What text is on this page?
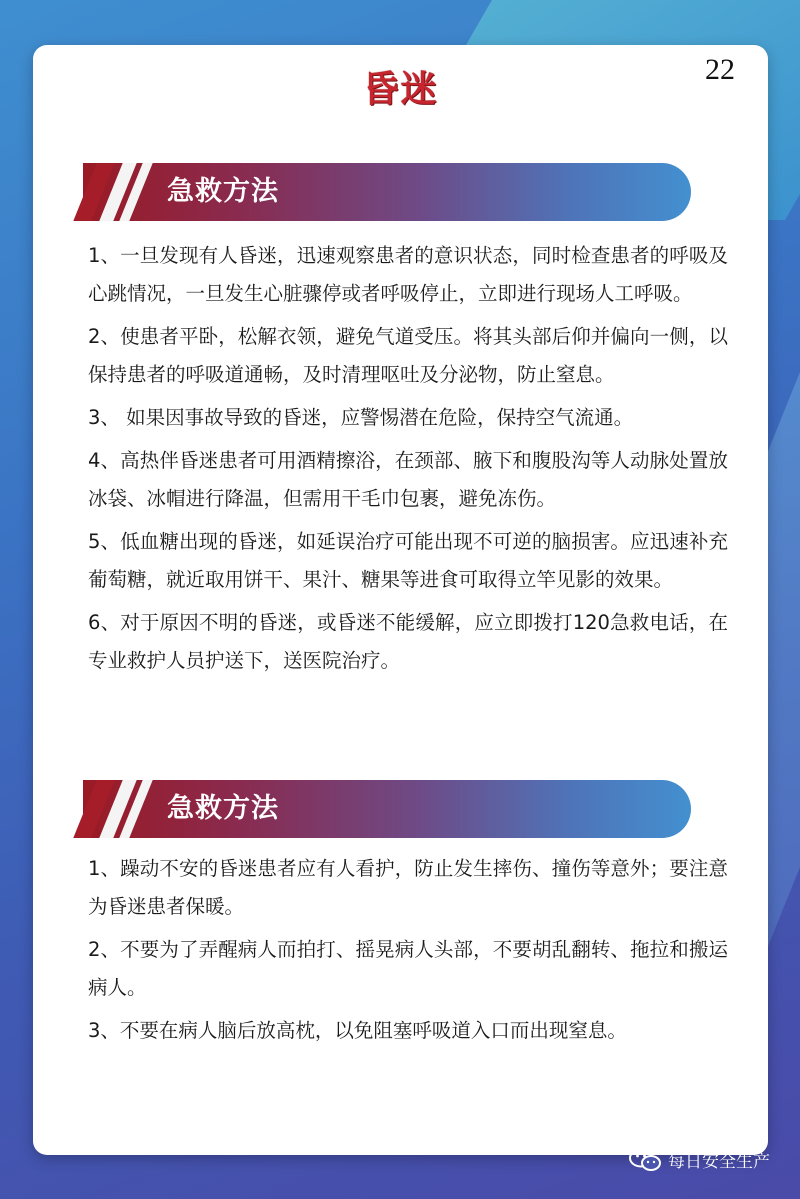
22
昏迷
急救方法

1、一旦发现有人昏迷，迅速观察患者的意识状态，同时检查患者的呼吸及心跳情况，一旦发生心脏骤停或者呼吸停止，立即进行现场人工呼吸。

2、使患者平卧，松解衣领，避免气道受压。将其头部后仰并偏向一侧，以保持患者的呼吸道通畅，及时清理呕吐及分泌物，防止窒息。

3、 如果因事故导致的昏迷，应警惕潜在危险，保持空气流通。

4、高热伴昏迷患者可用酒精擦浴，在颈部、腋下和腹股沟等人动脉处置放冰袋、冰帽进行降温，但需用干毛巾包裹，避免冻伤。

5、低血糖出现的昏迷，如延误治疗可能出现不可逆的脑损害。应迅速补充葡萄糖，就近取用饼干、果汁、糖果等进食可取得立竿见影的效果。

6、对于原因不明的昏迷，或昏迷不能缓解，应立即拨打120急救电话，在专业救护人员护送下，送医院治疗。

急救方法

1、躁动不安的昏迷患者应有人看护，防止发生摔伤、撞伤等意外；要注意为昏迷患者保暖。

2、不要为了弄醒病人而拍打、摇晃病人头部，不要胡乱翻转、拖拉和搬运病人。

3、不要在病人脑后放高枕，以免阻塞呼吸道入口而出现窒息。

每日安全生产
